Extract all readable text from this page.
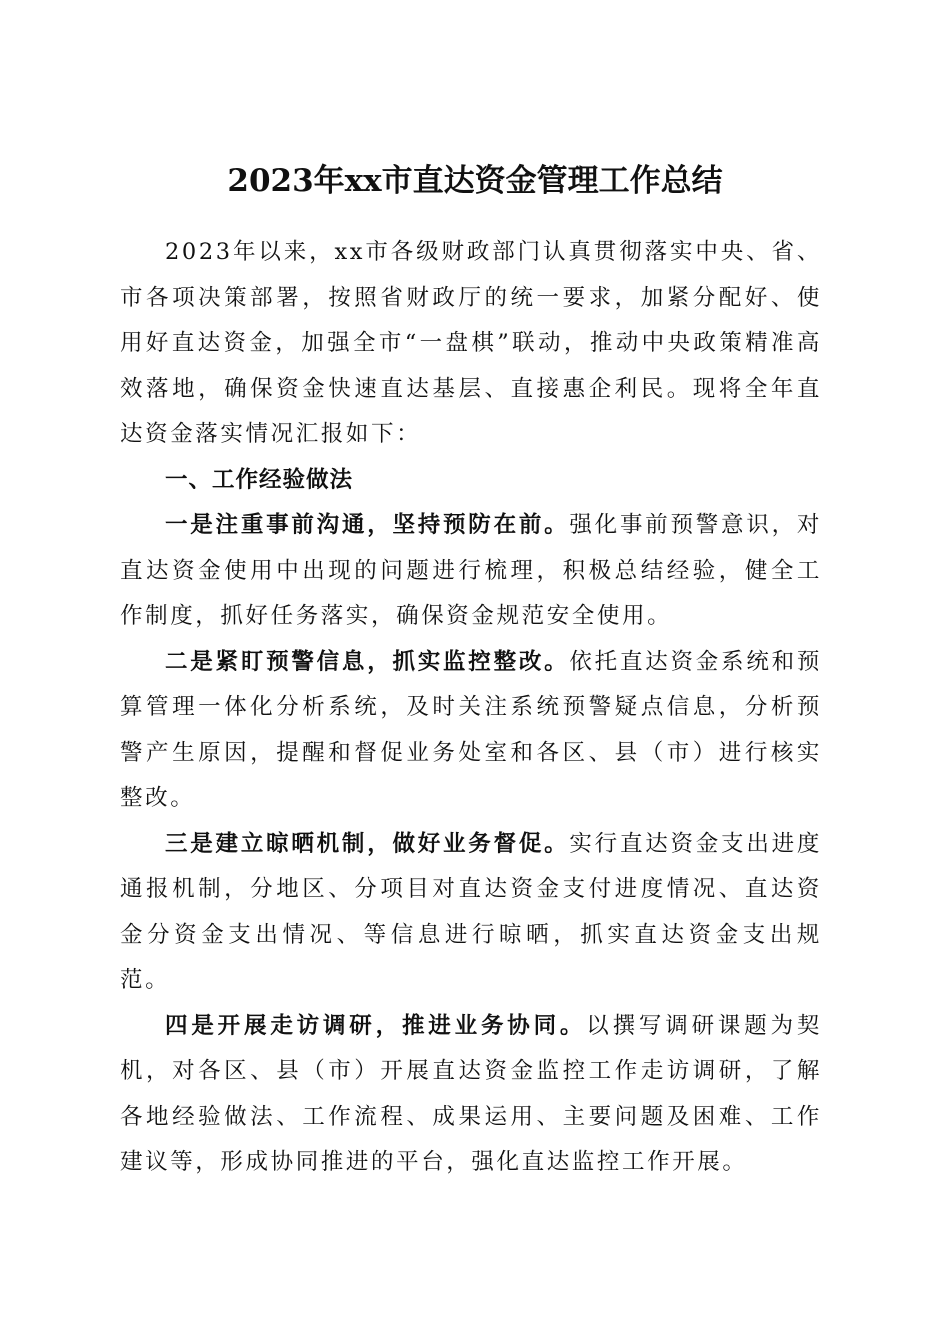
2023年xx市直达资金管理工作总结

2023年以来，xx市各级财政部门认真贯彻落实中央、省、市各项决策部署，按照省财政厅的统一要求，加紧分配好、使用好直达资金，加强全市“一盘棋”联动，推动中央政策精准高效落地，确保资金快速直达基层、直接惠企利民。现将全年直达资金落实情况汇报如下：

一、工作经验做法

一是注重事前沟通，坚持预防在前。强化事前预警意识，对直达资金使用中出现的问题进行梳理，积极总结经验，健全工作制度，抓好任务落实，确保资金规范安全使用。

二是紧盯预警信息，抓实监控整改。依托直达资金系统和预算管理一体化分析系统，及时关注系统预警疑点信息，分析预警产生原因，提醒和督促业务处室和各区、县（市）进行核实整改。

三是建立晾晒机制，做好业务督促。实行直达资金支出进度通报机制，分地区、分项目对直达资金支付进度情况、直达资金分资金支出情况、等信息进行晾晒，抓实直达资金支出规范。

四是开展走访调研，推进业务协同。以撰写调研课题为契机，对各区、县（市）开展直达资金监控工作走访调研，了解各地经验做法、工作流程、成果运用、主要问题及困难、工作建议等，形成协同推进的平台，强化直达监控工作开展。
